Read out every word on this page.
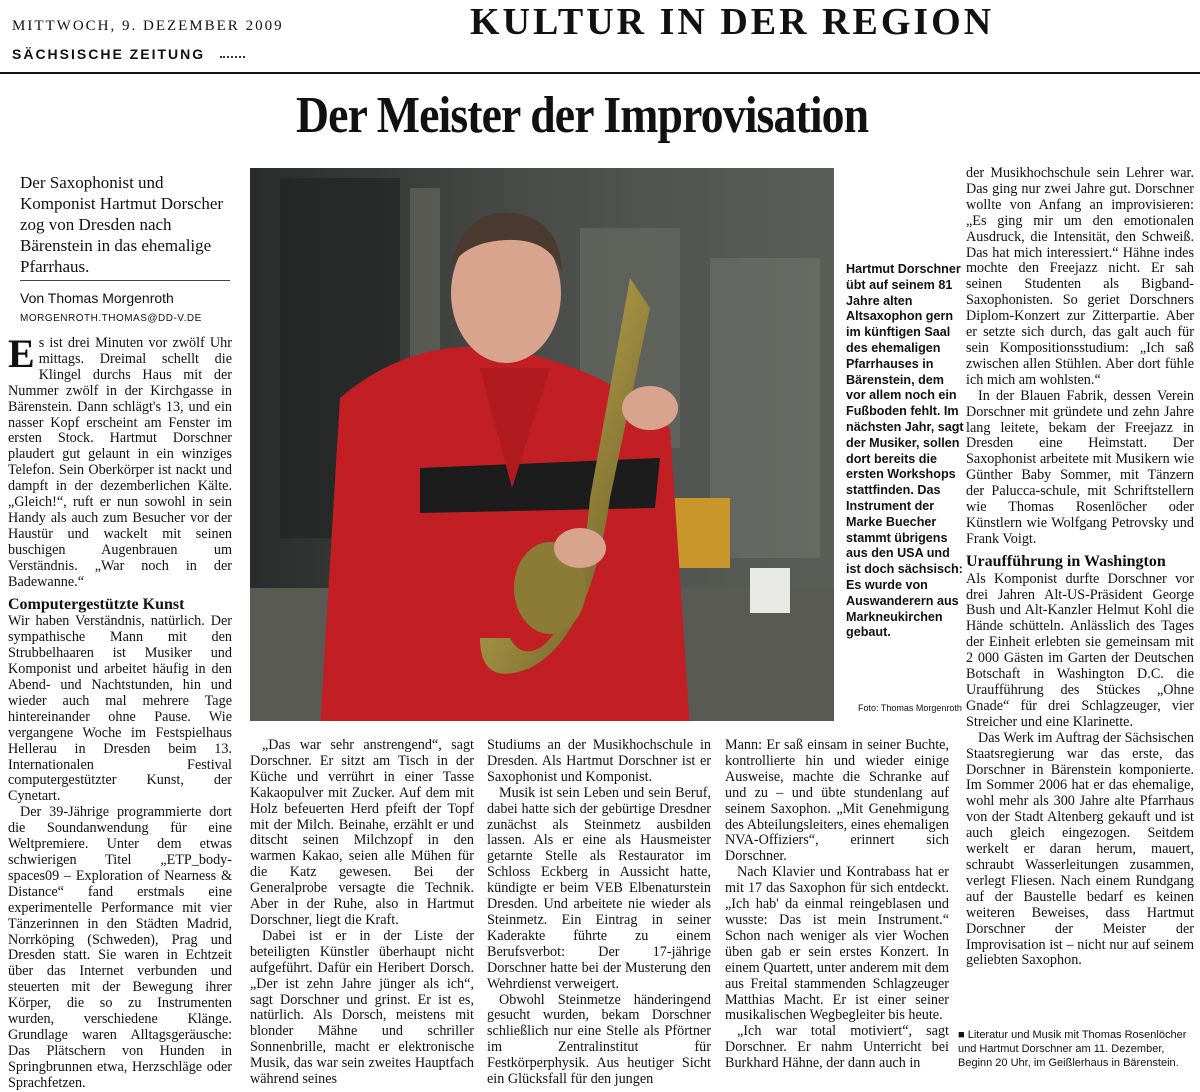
MITTWOCH, 9. DEZEMBER 2009
SÄCHSISCHE ZEITUNG
KULTUR IN DER REGION
Der Meister der Improvisation
Der Saxophonist und Komponist Hartmut Dorscher zog von Dresden nach Bärenstein in das ehemalige Pfarrhaus.
Von Thomas Morgenroth
MORGENROTH.THOMAS@DD-V.DE

Es ist drei Minuten vor zwölf Uhr mittags. Dreimal schellt die Klingel durchs Haus mit der Nummer zwölf in der Kirchgasse in Bärenstein. Dann schlägt's 13, und ein nasser Kopf erscheint am Fenster im ersten Stock. Hartmut Dorschner plaudert gut gelaunt in ein winziges Telefon. Sein Oberkörper ist nackt und dampft in der dezemberlichen Kälte. „Gleich!“, ruft er nun sowohl in sein Handy als auch zum Besucher vor der Haustür und wackelt mit seinen buschigen Augenbrauen um Verständnis. „War noch in der Badewanne.“

Computergestützte Kunst

Wir haben Verständnis, natürlich. Der sympathische Mann mit den Strubbelhaaren ist Musiker und Komponist und arbeitet häufig in den Abend- und Nachtstunden, hin und wieder auch mal mehrere Tage hintereinander ohne Pause. Wie vergangene Woche im Festspielhaus Hellerau in Dresden beim 13. Internationalen Festival computergestützter Kunst, der Cynetart.

Der 39-Jährige programmierte dort die Soundanwendung für eine Weltpremiere. Unter dem etwas schwierigen Titel „ETP_body-spaces09 – Exploration of Nearness & Distance“ fand erstmals eine experimentelle Performance mit vier Tänzerinnen in den Städten Madrid, Norrköping (Schweden), Prag und Dresden statt. Sie waren in Echtzeit über das Internet verbunden und steuerten mit der Bewegung ihrer Körper, die so zu Instrumenten wurden, verschiedene Klänge. Grundlage waren Alltagsgeräusche: Das Plätschern von Hunden in Springbrunnen etwa, Herzschläge oder Sprachfetzen.

Hartmut Dorschner übt auf seinem 81 Jahre alten Altsaxophon gern im künftigen Saal des ehemaligen Pfarrhauses in Bärenstein, dem vor allem noch ein Fußboden fehlt. Im nächsten Jahr, sagt der Musiker, sollen dort bereits die ersten Workshops stattfinden. Das Instrument der Marke Buecher stammt übrigens aus den USA und ist doch sächsisch: Es wurde von Auswanderern aus Markneukirchen gebaut.
Foto: Thomas Morgenroth

„Das war sehr anstrengend“, sagt Dorschner. Er sitzt am Tisch in der Küche und verrührt in einer Tasse Kakaopulver mit Zucker. Auf dem mit Holz befeuerten Herd pfeift der Topf mit der Milch. Beinahe, erzählt er und ditscht seinen Milchzopf in den warmen Kakao, seien alle Mühen für die Katz gewesen. Bei der Generalprobe versagte die Technik. Aber in der Ruhe, also in Hartmut Dorschner, liegt die Kraft.

Dabei ist er in der Liste der beteiligten Künstler überhaupt nicht aufgeführt. Dafür ein Heribert Dorsch. „Der ist zehn Jahre jünger als ich“, sagt Dorschner und grinst. Er ist es, natürlich. Als Dorsch, meistens mit blonder Mähne und schriller Sonnenbrille, macht er elektronische Musik, das war sein zweites Hauptfach während seines

Studiums an der Musikhochschule in Dresden. Als Hartmut Dorschner ist er Saxophonist und Komponist.

Musik ist sein Leben und sein Beruf, dabei hatte sich der gebürtige Dresdner zunächst als Steinmetz ausbilden lassen. Als er eine als Hausmeister getarnte Stelle als Restaurator im Schloss Eckberg in Aussicht hatte, kündigte er beim VEB Elbenaturstein Dresden. Und arbeitete nie wieder als Steinmetz. Ein Eintrag in seiner Kaderakte führte zu einem Berufsverbot: Der 17-jährige Dorschner hatte bei der Musterung den Wehrdienst verweigert.

Obwohl Steinmetze händeringend gesucht wurden, bekam Dorschner schließlich nur eine Stelle als Pförtner im Zentralinstitut für Festkörperphysik. Aus heutiger Sicht ein Glücksfall für den jungen

Mann: Er saß einsam in seiner Buchte, kontrollierte hin und wieder einige Ausweise, machte die Schranke auf und zu – und übte stundenlang auf seinem Saxophon. „Mit Genehmigung des Abteilungsleiters, eines ehemaligen NVA-Offiziers“, erinnert sich Dorschner.

Nach Klavier und Kontrabass hat er mit 17 das Saxophon für sich entdeckt. „Ich hab' da einmal reingeblasen und wusste: Das ist mein Instrument.“ Schon nach weniger als vier Wochen üben gab er sein erstes Konzert. In einem Quartett, unter anderem mit dem aus Freital stammenden Schlagzeuger Matthias Macht. Er ist einer seiner musikalischen Wegbegleiter bis heute.

„Ich war total motiviert“, sagt Dorschner. Er nahm Unterricht bei Burkhard Hähne, der dann auch in

der Musikhochschule sein Lehrer war. Das ging nur zwei Jahre gut. Dorschner wollte von Anfang an improvisieren: „Es ging mir um den emotionalen Ausdruck, die Intensität, den Schweiß. Das hat mich interessiert.“ Hähne indes mochte den Freejazz nicht. Er sah seinen Studenten als Bigband-Saxophonisten. So geriet Dorschners Diplom-Konzert zur Zitterpartie. Aber er setzte sich durch, das galt auch für sein Kompositionsstudium: „Ich saß zwischen allen Stühlen. Aber dort fühle ich mich am wohlsten.“

In der Blauen Fabrik, dessen Verein Dorschner mit gründete und zehn Jahre lang leitete, bekam der Freejazz in Dresden eine Heimstatt. Der Saxophonist arbeitete mit Musikern wie Günther Baby Sommer, mit Tänzern der Palucca-schule, mit Schriftstellern wie Thomas Rosenlöcher oder Künstlern wie Wolfgang Petrovsky und Frank Voigt.

Uraufführung in Washington

Als Komponist durfte Dorschner vor drei Jahren Alt-US-Präsident George Bush und Alt-Kanzler Helmut Kohl die Hände schütteln. Anlässlich des Tages der Einheit erlebten sie gemeinsam mit 2 000 Gästen im Garten der Deutschen Botschaft in Washington D.C. die Uraufführung des Stückes „Ohne Gnade“ für drei Schlagzeuger, vier Streicher und eine Klarinette.

Das Werk im Auftrag der Sächsischen Staatsregierung war das erste, das Dorschner in Bärenstein komponierte. Im Sommer 2006 hat er das ehemalige, wohl mehr als 300 Jahre alte Pfarrhaus von der Stadt Altenberg gekauft und ist auch gleich eingezogen. Seitdem werkelt er daran herum, mauert, schraubt Wasserleitungen zusammen, verlegt Fliesen. Nach einem Rundgang auf der Baustelle bedarf es keinen weiteren Beweises, dass Hartmut Dorschner der Meister der Improvisation ist – nicht nur auf seinem geliebten Saxophon.

■ Literatur und Musik mit Thomas Rosenlöcher und Hartmut Dorschner am 11. Dezember, Beginn 20 Uhr, im Geißlerhaus in Bärenstein.
